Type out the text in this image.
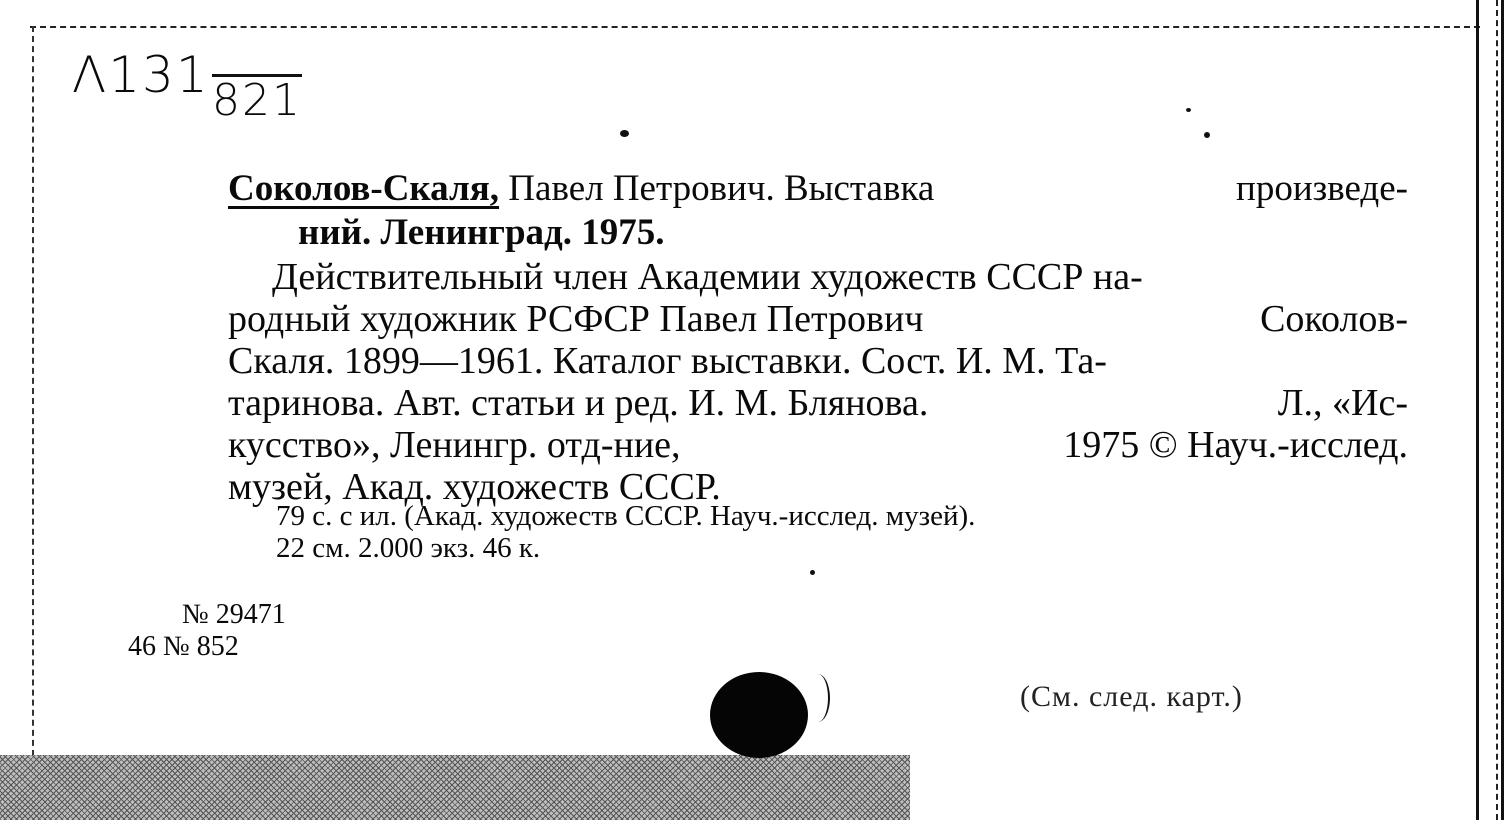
Λ131 821
Соколов-Скаля, Павел Петрович. Выставка	произведе-
ний. Ленинград. 1975.
Действительный член Академии художеств СССР на-
родный художник РСФСР Павел Петрович	Соколов-
Скаля. 1899—1961. Каталог выставки. Сост. И. М. Та-
таринова. Авт. статьи и ред. И. М. Блянова.	Л., «Ис-
кусство», Ленингр. отд-ние,	1975 © Науч.-исслед.
музей, Акад. художеств СССР.
79 с. с ил. (Акад. художеств СССР. Науч.-исслед. музей).
22 см. 2.000 экз. 46 к.
№ 29471
46 № 852
(См. след. карт.)
